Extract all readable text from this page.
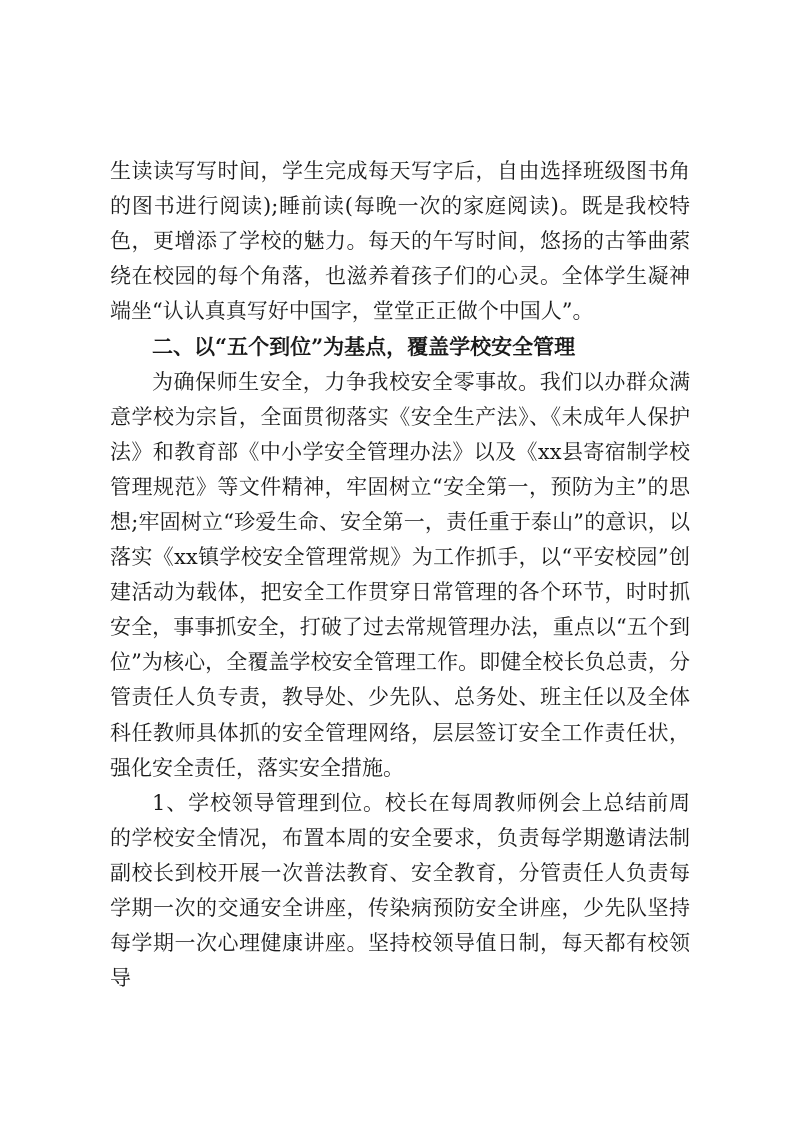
生读读写写时间，学生完成每天写字后，自由选择班级图书角的图书进行阅读);睡前读(每晚一次的家庭阅读)。既是我校特色，更增添了学校的魅力。每天的午写时间，悠扬的古筝曲萦绕在校园的每个角落，也滋养着孩子们的心灵。全体学生凝神端坐“认认真真写好中国字，堂堂正正做个中国人”。

二、以“五个到位”为基点，覆盖学校安全管理

为确保师生安全，力争我校安全零事故。我们以办群众满意学校为宗旨，全面贯彻落实《安全生产法》、《未成年人保护法》和教育部《中小学安全管理办法》以及《xx县寄宿制学校管理规范》等文件精神，牢固树立“安全第一，预防为主”的思想;牢固树立“珍爱生命、安全第一，责任重于泰山”的意识，以落实《xx镇学校安全管理常规》为工作抓手，以“平安校园”创建活动为载体，把安全工作贯穿日常管理的各个环节，时时抓安全，事事抓安全，打破了过去常规管理办法，重点以“五个到位”为核心，全覆盖学校安全管理工作。即健全校长负总责，分管责任人负专责，教导处、少先队、总务处、班主任以及全体科任教师具体抓的安全管理网络，层层签订安全工作责任状，强化安全责任，落实安全措施。

1、学校领导管理到位。校长在每周教师例会上总结前周的学校安全情况，布置本周的安全要求，负责每学期邀请法制副校长到校开展一次普法教育、安全教育，分管责任人负责每学期一次的交通安全讲座，传染病预防安全讲座，少先队坚持每学期一次心理健康讲座。坚持校领导值日制，每天都有校领导
